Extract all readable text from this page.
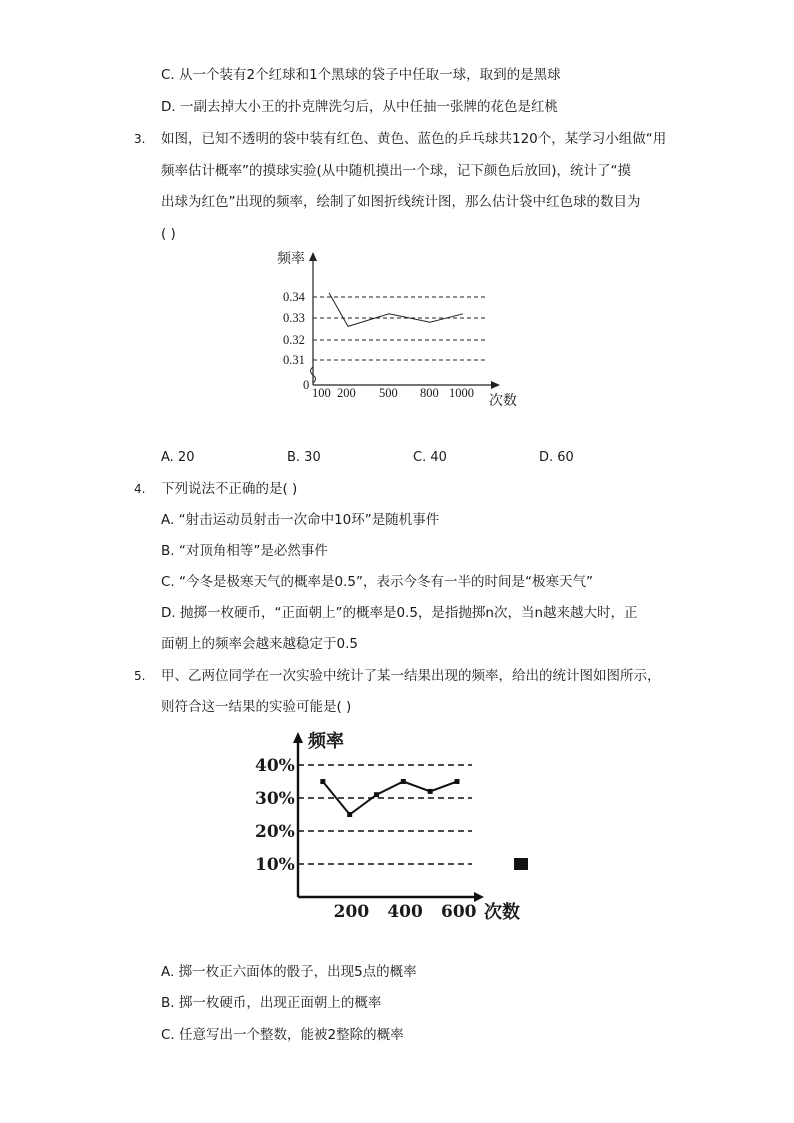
C. 从一个装有2个红球和1个黑球的袋子中任取一球，取到的是黑球
D. 一副去掉大小王的扑克牌洗匀后，从中任抽一张牌的花色是红桃
3. 如图，已知不透明的袋中装有红色、黄色、蓝色的乒乓球共120个，某学习小组做“用
频率估计概率”的摸球实验(从中随机摸出一个球，记下颜色后放回)，统计了“摸
出球为红色”出现的频率，绘制了如图折线统计图，那么估计袋中红色球的数目为
( )
频率
次数
0
0.31
0.32
0.33
0.34
100 200 500 800 1000
A. 20	B. 30	C. 40	D. 60
4. 下列说法不正确的是( )
A. “射击运动员射击一次命中10环”是随机事件
B. “对顶角相等”是必然事件
C. “今冬是极寒天气的概率是0.5”，表示今冬有一半的时间是“极寒天气”
D. 抛掷一枚硬币，“正面朝上”的概率是0.5，是指抛掷n次，当n越来越大时，正
面朝上的频率会越来越稳定于0.5
5. 甲、乙两位同学在一次实验中统计了某一结果出现的频率，给出的统计图如图所示，
则符合这一结果的实验可能是( )
频率
次数
10%
20%
30%
40%
200 400 600
A. 掷一枚正六面体的骰子，出现5点的概率
B. 掷一枚硬币，出现正面朝上的概率
C. 任意写出一个整数，能被2整除的概率
